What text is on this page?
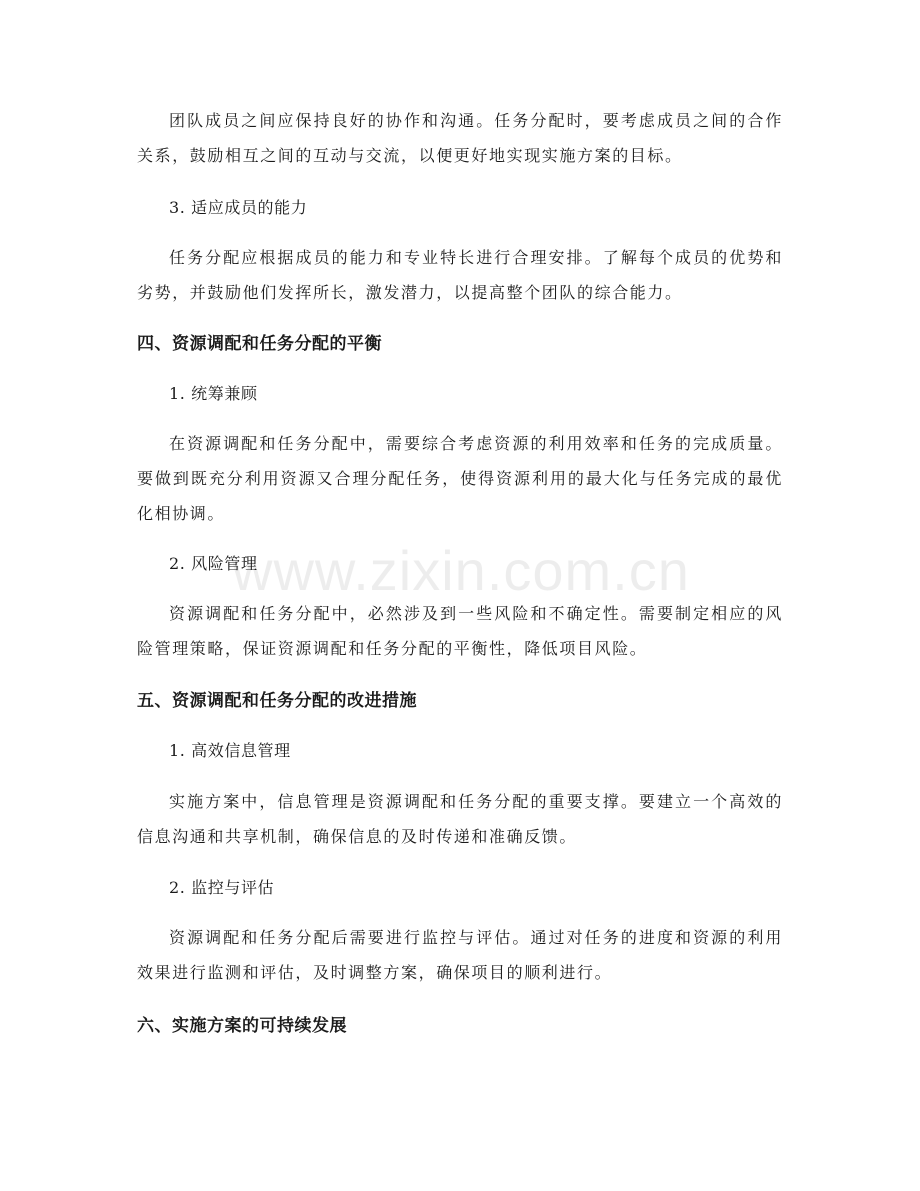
www.zixin.com.cn

团队成员之间应保持良好的协作和沟通。任务分配时，要考虑成员之间的合作关系，鼓励相互之间的互动与交流，以便更好地实现实施方案的目标。

3. 适应成员的能力

任务分配应根据成员的能力和专业特长进行合理安排。了解每个成员的优势和劣势，并鼓励他们发挥所长，激发潜力，以提高整个团队的综合能力。

四、资源调配和任务分配的平衡

1. 统筹兼顾

在资源调配和任务分配中，需要综合考虑资源的利用效率和任务的完成质量。要做到既充分利用资源又合理分配任务，使得资源利用的最大化与任务完成的最优化相协调。

2. 风险管理

资源调配和任务分配中，必然涉及到一些风险和不确定性。需要制定相应的风险管理策略，保证资源调配和任务分配的平衡性，降低项目风险。

五、资源调配和任务分配的改进措施

1. 高效信息管理

实施方案中，信息管理是资源调配和任务分配的重要支撑。要建立一个高效的信息沟通和共享机制，确保信息的及时传递和准确反馈。

2. 监控与评估

资源调配和任务分配后需要进行监控与评估。通过对任务的进度和资源的利用效果进行监测和评估，及时调整方案，确保项目的顺利进行。

六、实施方案的可持续发展
